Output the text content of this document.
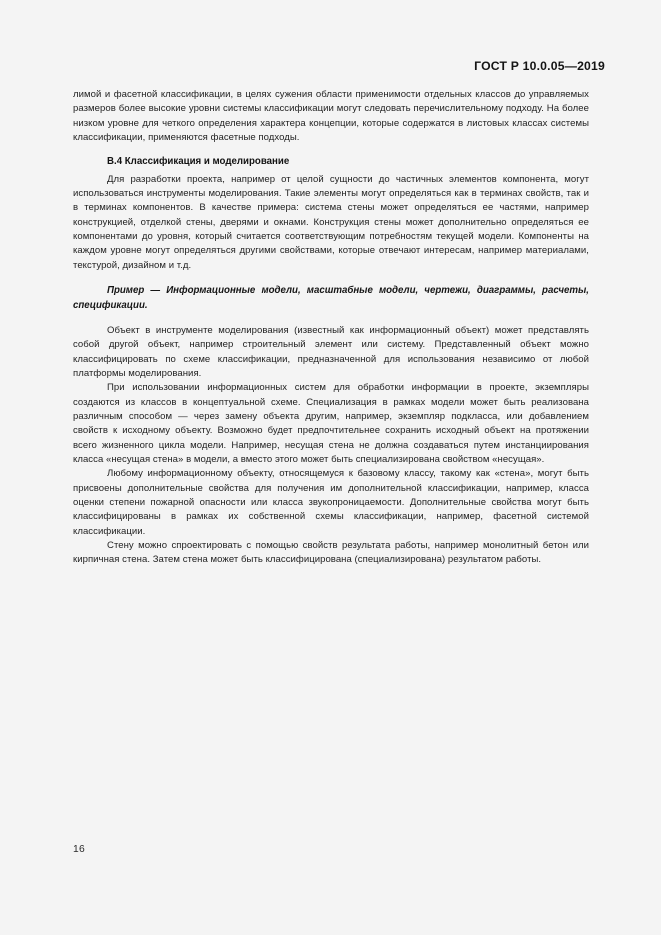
ГОСТ Р 10.0.05—2019

лимой и фасетной классификации, в целях сужения области применимости отдельных классов до управляемых размеров более высокие уровни системы классификации могут следовать перечислительному подходу. На более низком уровне для четкого определения характера концепции, которые содержатся в листовых классах системы классификации, применяются фасетные подходы.

B.4 Классификация и моделирование

Для разработки проекта, например от целой сущности до частичных элементов компонента, могут использоваться инструменты моделирования. Такие элементы могут определяться как в терминах свойств, так и в терминах компонентов. В качестве примера: система стены может определяться ее частями, например конструкцией, отделкой стены, дверями и окнами. Конструкция стены может дополнительно определяться ее компонентами до уровня, который считается соответствующим потребностям текущей модели. Компоненты на каждом уровне могут определяться другими свойствами, которые отвечают интересам, например материалами, текстурой, дизайном и т.д.

Пример — Информационные модели, масштабные модели, чертежи, диаграммы, расчеты, спецификации.

Объект в инструменте моделирования (известный как информационный объект) может представлять собой другой объект, например строительный элемент или систему. Представленный объект можно классифицировать по схеме классификации, предназначенной для использования независимо от любой платформы моделирования.

При использовании информационных систем для обработки информации в проекте, экземпляры создаются из классов в концептуальной схеме. Специализация в рамках модели может быть реализована различным способом — через замену объекта другим, например, экземпляр подкласса, или добавлением свойств к исходному объекту. Возможно будет предпочтительнее сохранить исходный объект на протяжении всего жизненного цикла модели. Например, несущая стена не должна создаваться путем инстанциирования класса «несущая стена» в модели, а вместо этого может быть специализирована свойством «несущая».

Любому информационному объекту, относящемуся к базовому классу, такому как «стена», могут быть присвоены дополнительные свойства для получения им дополнительной классификации, например, класса оценки степени пожарной опасности или класса звукопроницаемости. Дополнительные свойства могут быть классифицированы в рамках их собственной схемы классификации, например, фасетной системой классификации.

Стену можно спроектировать с помощью свойств результата работы, например монолитный бетон или кирпичная стена. Затем стена может быть классифицирована (специализирована) результатом работы.

16
